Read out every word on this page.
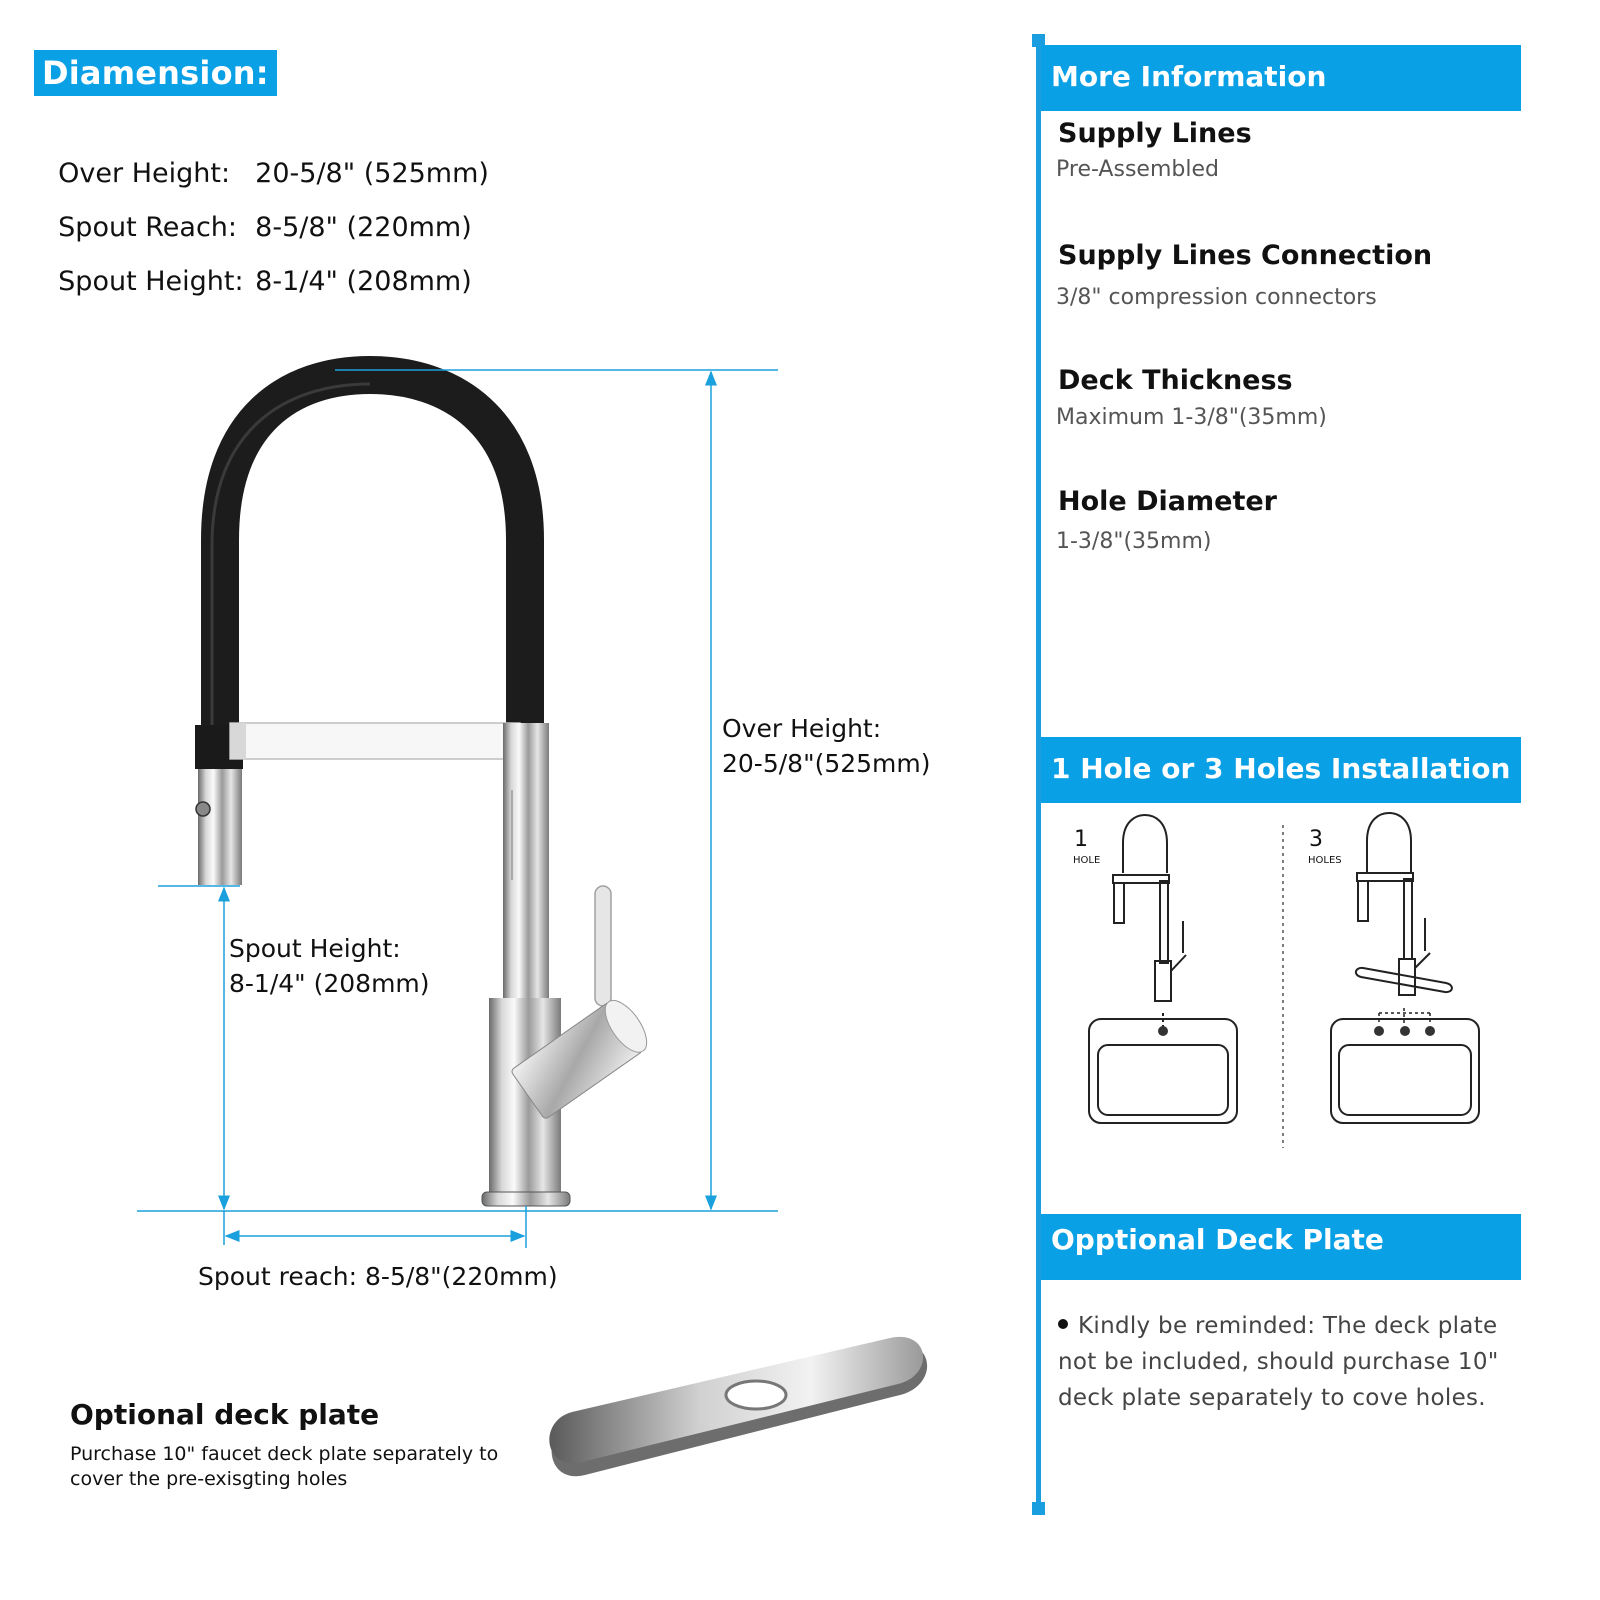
Diamension:

Over Height: 20-5/8" (525mm)

Spout Reach: 8-5/8" (220mm)

Spout Height: 8-1/4" (208mm)

Over Height:
20-5/8"(525mm)
Spout Height:
8-1/4" (208mm)
Spout reach: 8-5/8"(220mm)
Optional deck plate
Purchase 10" faucet deck plate separately to cover the pre-exisgting holes
More Information
Supply Lines
Pre-Assembled
Supply Lines Connection
3/8" compression connectors
Deck Thickness
Maximum 1-3/8"(35mm)
Hole Diameter
1-3/8"(35mm)
1 Hole or 3 Holes Installation
1
HOLE
3
HOLES
Opptional Deck Plate
Kindly be reminded: The deck plate not be included, should purchase 10" deck plate separately to cove holes.
